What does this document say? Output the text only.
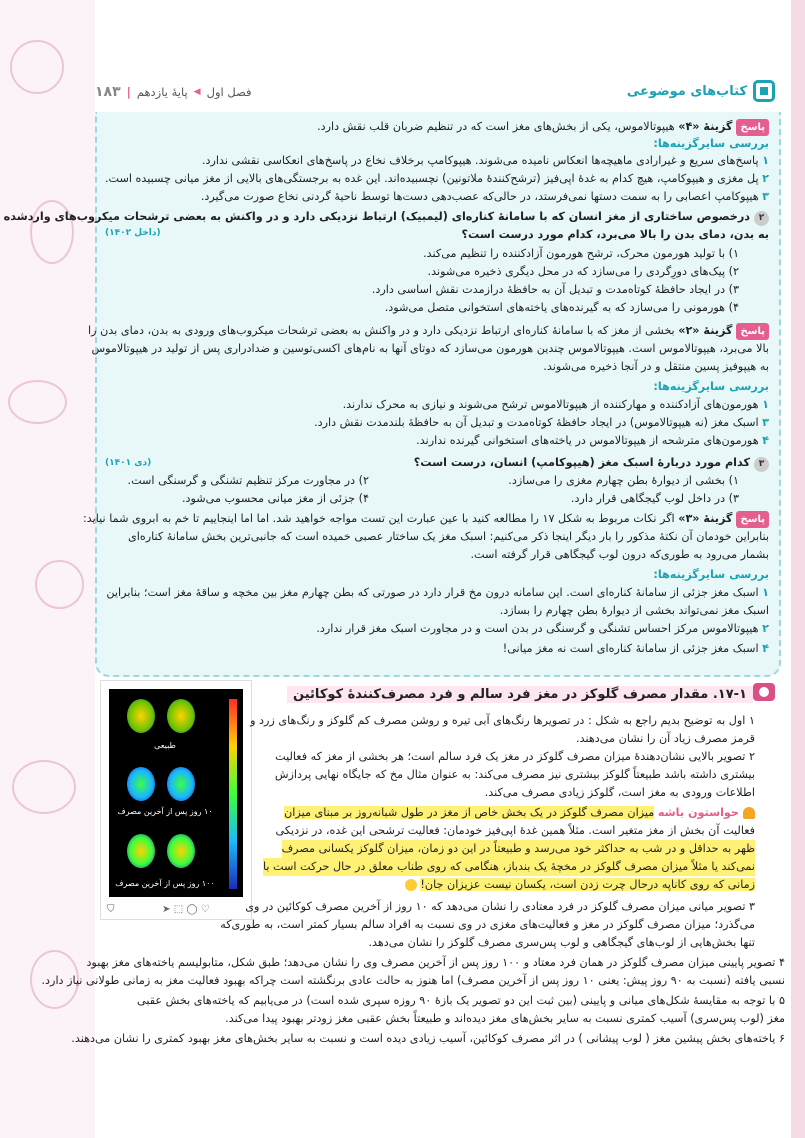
کتاب‌های موضوعی
فصل اول
◀
پایهٔ یازدهم
|
۱۸۳
پاسخگزینهٔ «۴» هیپوتالاموس، یکی از بخش‌های مغز است که در تنظیم ضربان قلب نقش دارد.
بررسی سایرگزینه‌ها:
۱ پاسخ‌های سریع و غیرارادی ماهیچه‌ها انعکاس نامیده می‌شوند. هیپوکامپ برخلاف نخاع در پاسخ‌های انعکاسی نقشی ندارد.
۲ پل مغزی و هیپوکامپ، هیچ کدام به غدهٔ اپی‌فیز (ترشح‌کنندهٔ ملاتونین) نچسبیده‌اند. این غده به برجستگی‌های بالایی از مغز میانی چسبیده است.
۳ هیپوکامپ اعصابی را به سمت دستها نمی‌فرستد، در حالی‌که عصب‌دهی دست‌ها توسط ناحیهٔ گردنی نخاع صورت می‌گیرد.
۲درخصوص ساختاری از مغز انسان که با سامانهٔ کناره‌ای (لیمبیک) ارتباط نزدیکی دارد و در واکنش به بعضی ترشحات میکروب‌های وارد‌شده
به بدن، دمای بدن را بالا می‌برد، کدام مورد درست است؟
(داخل ۱۴۰۲)
۱) با تولید هورمون محرک، ترشح هورمون آزادکننده را تنظیم می‌کند.
۲) پیک‌های دورِگردی را می‌سازد که در محل دیگری ذخیره می‌شوند.
۳) در ایجاد حافظهٔ کوتاه‌مدت و تبدیل آن به حافظهٔ درازمدت نقش اساسی دارد.
۴) هورمونی را می‌سازد که به گیرنده‌های یاخته‌های استخوانی متصل می‌شود.
پاسخگزینهٔ «۲» بخشی از مغز که با سامانهٔ کناره‌ای ارتباط نزدیکی دارد و در واکنش به بعضی ترشحات میکروب‌های ورودی به بدن، دمای بدن را
بالا می‌برد، هیپوتالاموس است. هیپوتالاموس چندین هورمون می‌سازد که دوتای آنها به نام‌های اکسی‌توسین و ضدادراری پس از تولید در هیپوتالاموس
به هیپوفیز پسین منتقل و در آنجا ذخیره می‌شوند.
بررسی سایرگزینه‌ها:
۱ هورمون‌های آزادکننده و مهارکننده از هیپوتالاموس ترشح می‌شوند و نیازی به محرک ندارند.
۳ اسبک مغز (نه هیپوتالاموس) در ایجاد حافظهٔ کوتاه‌مدت و تبدیل آن به حافظهٔ بلندمدت نقش دارد.
۴ هورمون‌های مترشحه از هیپوتالاموس در یاخته‌های استخوانی گیرنده ندارند.
۳کدام مورد دربارهٔ اسبک مغز (هیپوکامپ) انسان، درست است؟
(دی ۱۴۰۱)
۱) بخشی از دیوارهٔ بطن چهارم مغزی را می‌سازد.
۲) در مجاورت مرکز تنظیم تشنگی و گرسنگی است.
۳) در داخل لوب گیجگاهی قرار دارد.
۴) جزئی از مغز میانی محسوب می‌شود.
پاسخگزینهٔ «۳» اگر نکات مربوط به شکل ۱۷ را مطالعه کنید با عین عبارت این تست مواجه خواهید شد. اما اما اینجاییم تا خم به ابروی شما نیاید:
بنابراین خودمان آن نکتهٔ مذکور را بار دیگر اینجا ذکر می‌کنیم: اسبک مغز یک ساختار عصبی خمیده است که جانبی‌ترین بخش سامانهٔ کناره‌ای
بشمار می‌رود به طوری‌که درون لوب گیجگاهی قرار گرفته است.
بررسی سایرگزینه‌ها:
۱ اسبک مغز جزئی از سامانهٔ کناره‌ای است. این سامانه درون مخ قرار دارد در صورتی که بطن چهارم مغز بین مخچه و ساقهٔ مغز است؛ بنابراین
اسبک مغز نمی‌تواند بخشی از دیوارهٔ بطن چهارم را بسازد.
۲ هیپوتالاموس مرکز احساس تشنگی و گرسنگی در بدن است و در مجاورت اسبک مغز قرار ندارد.
۴ اسبک مغز جزئی از سامانهٔ کناره‌ای است نه مغز میانی!
۱۷-۱. مقدار مصرف گلوکز در مغز فرد سالم و فرد مصرف‌کنندهٔ کوکائین
طبیعی
۱۰ روز پس از آخرین مصرف
۱۰۰ روز پس از آخرین مصرف
♡ ◯ ⬚ ➤               ⛉
۱ اول به توضیح بدیم راجع به شکل : در تصویرها رنگ‌های آبی تیره و روشن مصرف کم گلوکز و رنگ‌های زرد و
قرمز مصرف زیاد آن را نشان می‌دهند.
۲ تصویر بالایی نشان‌دهندهٔ میزان مصرف گلوکز در مغز یک فرد سالم است؛ هر بخشی از مغز که فعالیت
بیشتری داشته باشد طبیعتاً گلوکز بیشتری نیز مصرف می‌کند: به عنوان مثال مخ که جایگاه نهایی پردازش
اطلاعات ورودی به مغز است، گلوکز زیادی مصرف می‌کند.
حواستون باشه میزان مصرف گلوکز در یک بخش خاص از مغز در طول شبانه‌روز بر مبنای میزان
فعالیت آن بخش از مغز متغیر است. مثلاً همین غدهٔ اپی‌فیز خودمان: فعالیت ترشحی این غده، در نزدیکی
ظهر به حداقل و در شب به حداکثر خود می‌رسد و طبیعتاً در این دو زمان، میزان گلوکز یکسانی مصرف
نمی‌کند یا مثلاً میزان مصرف گلوکز در مخچهٔ یک بندباز، هنگامی که روی طناب معلق در حال حرکت است با
زمانی که روی کاناپه درحال چرت زدن است، یکسان نیست عزیزان جان!
۳ تصویر میانی میزان مصرف گلوکز در فرد معتادی را نشان می‌دهد که ۱۰ روز از آخرین مصرف کوکائین در وی
می‌گذرد؛ میزان مصرف گلوکز در مغز و فعالیت‌های مغزی در وی نسبت به افراد سالم بسیار کمتر است، به طوری‌که
تنها بخش‌هایی از لوب‌های گیجگاهی و لوب پس‌سری مصرف گلوکز را نشان می‌دهد.
۴ تصویر پایینی میزان مصرف گلوکز در همان فرد معتاد و ۱۰۰ روز پس از آخرین مصرف وی را نشان می‌دهد؛ طبق شکل، متابولیسم یاخته‌های مغز بهبود
نسبی یافته (نسبت به ۹۰ روز پیش: یعنی ۱۰ روز پس از آخرین مصرف) اما هنوز به حالت عادی برنگشته است چراکه بهبود فعالیت مغز به زمانی طولانی نیاز دارد.
۵ با توجه به مقایسهٔ شکل‌های میانی و پایینی (بین ثبت این دو تصویر یک بازهٔ ۹۰ روزه سپری شده است) در می‌یابیم که یاخته‌های بخش عقبی
مغز (لوب پس‌سری) آسیب کمتری نسبت به سایر بخش‌های مغز دیده‌اند و طبیعتاً بخش عقبی مغز زودتر بهبود پیدا می‌کند.
۶ یاخته‌های بخش پیشین مغز ( لوب پیشانی ) در اثر مصرف کوکائین، آسیب زیادی دیده است و نسبت به سایر بخش‌های مغز بهبود کمتری را نشان می‌دهند.
